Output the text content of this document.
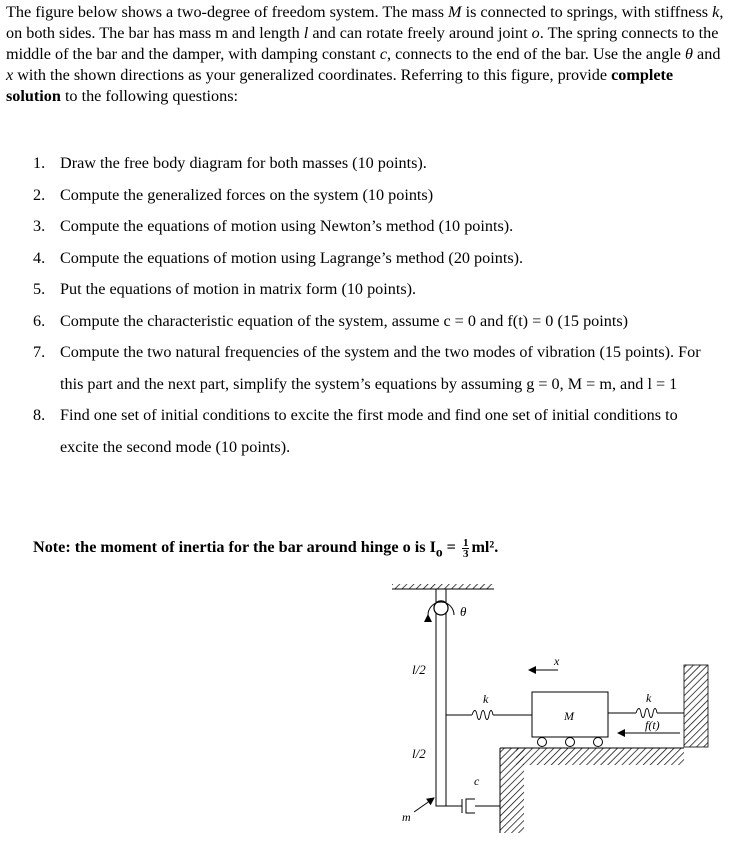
The figure below shows a two-degree of freedom system. The mass M is connected to springs, with stiffness k, on both sides. The bar has mass m and length l and can rotate freely around joint o. The spring connects to the middle of the bar and the damper, with damping constant c, connects to the end of the bar. Use the angle θ and x with the shown directions as your generalized coordinates. Referring to this figure, provide complete solution to the following questions:
1. Draw the free body diagram for both masses (10 points).
2. Compute the generalized forces on the system (10 points)
3. Compute the equations of motion using Newton’s method (10 points).
4. Compute the equations of motion using Lagrange’s method (20 points).
5. Put the equations of motion in matrix form (10 points).
6. Compute the characteristic equation of the system, assume c = 0 and f(t) = 0 (15 points)
7. Compute the two natural frequencies of the system and the two modes of vibration (15 points). For this part and the next part, simplify the system’s equations by assuming g = 0, M = m, and l = 1
8. Find one set of initial conditions to excite the first mode and find one set of initial conditions to excite the second mode (10 points).
Note: the moment of inertia for the bar around hinge o is $I_o = \frac{1}{3} ml^2$.
θ
l/2
l/2
x
k
M
k
f(t)
c
m
